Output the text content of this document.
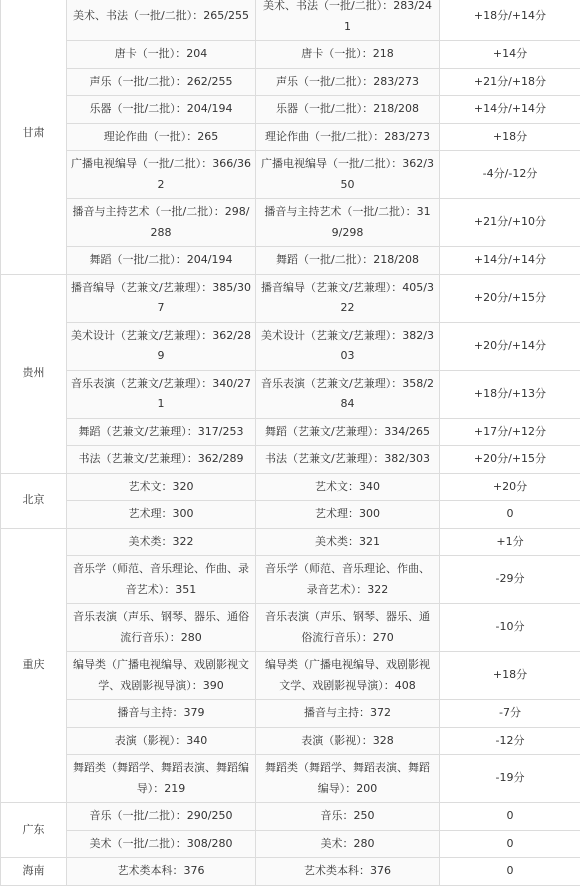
甘肃	美术、书法（一批/二批）：265/255	美术、书法（一批/二批）：283/241	+18分/+14分
	唐卡（一批）：204	唐卡（一批）：218	+14分
	声乐（一批/二批）：262/255	声乐（一批/二批）：283/273	+21分/+18分
	乐器（一批/二批）：204/194	乐器（一批/二批）：218/208	+14分/+14分
	理论作曲（一批）：265	理论作曲（一批/二批）：283/273	+18分
	广播电视编导（一批/二批）：366/362	广播电视编导（一批/二批）：362/350	-4分/-12分
	播音与主持艺术（一批/二批）：298/288	播音与主持艺术（一批/二批）：319/298	+21分/+10分
	舞蹈（一批/二批）：204/194	舞蹈（一批/二批）：218/208	+14分/+14分
贵州	播音编导（艺兼文/艺兼理）：385/307	播音编导（艺兼文/艺兼理）：405/322	+20分/+15分
	美术设计（艺兼文/艺兼理）：362/289	美术设计（艺兼文/艺兼理）：382/303	+20分/+14分
	音乐表演（艺兼文/艺兼理）：340/271	音乐表演（艺兼文/艺兼理）：358/284	+18分/+13分
	舞蹈（艺兼文/艺兼理）：317/253	舞蹈（艺兼文/艺兼理）：334/265	+17分/+12分
	书法（艺兼文/艺兼理）：362/289	书法（艺兼文/艺兼理）：382/303	+20分/+15分
北京	艺术文：320	艺术文：340	+20分
	艺术理：300	艺术理：300	0
重庆	美术类：322	美术类：321	+1分
	音乐学（师范、音乐理论、作曲、录音艺术）：351	音乐学（师范、音乐理论、作曲、录音艺术）：322	-29分
	音乐表演（声乐、钢琴、器乐、通俗流行音乐）：280	音乐表演（声乐、钢琴、器乐、通俗流行音乐）：270	-10分
	编导类（广播电视编导、戏剧影视文学、戏剧影视导演）：390	编导类（广播电视编导、戏剧影视文学、戏剧影视导演）：408	+18分
	播音与主持：379	播音与主持：372	-7分
	表演（影视）：340	表演（影视）：328	-12分
	舞蹈类（舞蹈学、舞蹈表演、舞蹈编导）：219	舞蹈类（舞蹈学、舞蹈表演、舞蹈编导）：200	-19分
广东	音乐（一批/二批）：290/250	音乐：250	0
	美术（一批/二批）：308/280	美术：280	0
海南	艺术类本科：376	艺术类本科：376	0
